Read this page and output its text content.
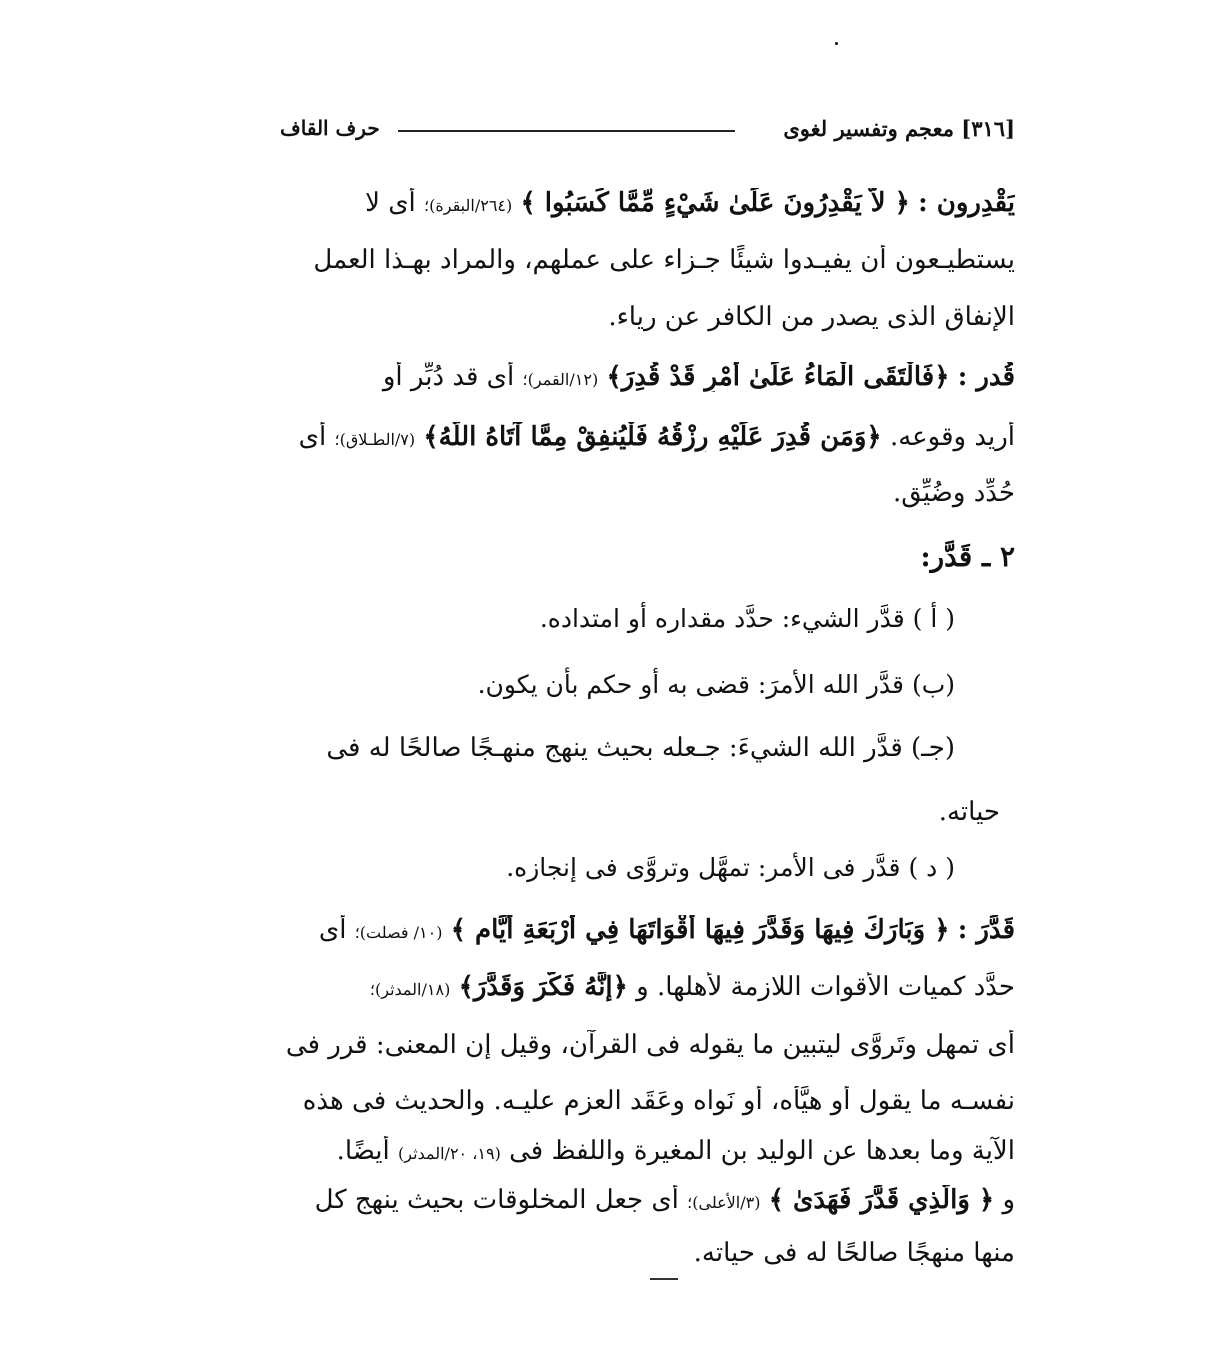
[٣١٦] معجم وتفسير لغوى
حرف القاف
يَقْدِرون : ﴿ لاَّ يَقْدِرُونَ عَلَىٰ شَيْءٍ مِّمَّا كَسَبُوا ﴾ (٢٦٤/البقرة)؛ أى لا
يستطيـعون أن يفيـدوا شيئًا جـزاء على عملهم، والمراد بهـذا العمل
الإنفاق الذى يصدر من الكافر عن رياء.
قُدر : ﴿فَالْتَقَى الْمَاءُ عَلَىٰ أَمْرٍ قَدْ قُدِرَ﴾ (١٢/القمر)؛ أى قد دُبِّر أو
أُريد وقوعه. ﴿وَمَن قُدِرَ عَلَيْهِ رِزْقُهُ فَلْيُنفِقْ مِمَّا آتَاهُ اللَّهُ﴾ (٧/الطـلاق)؛ أى
حُدِّد وضُيِّق.
٢ ـ قَدَّر:
( أ ) قدَّر الشيء: حدَّد مقداره أو امتداده.
(ب) قدَّر الله الأمرَ: قضى به أو حكم بأن يكون.
(جـ) قدَّر الله الشيءَ: جـعله بحيث ينهج منهـجًا صالحًا له فى
حياته.
( د ) قدَّر فى الأمر: تمهَّل وتروَّى فى إنجازه.
قَدَّرَ : ﴿ وَبَارَكَ فِيهَا وَقَدَّرَ فِيهَا أَقْوَاتَهَا فِي أَرْبَعَةِ أَيَّامٍ ﴾ (١٠/ فصلت)؛ أى
حدَّد كميات الأقوات اللازمة لأهلها. و ﴿إِنَّهُ فَكَّرَ وَقَدَّرَ﴾ (١٨/المدثر)؛
أى تمهل وتَروَّى ليتبين ما يقوله فى القرآن، وقيل إن المعنى: قرر فى
نفسـه ما يقول أو هيَّأه، أو نَواه وعَقَد العزم عليـه. والحديث فى هذه
الآية وما بعدها عن الوليد بن المغيرة واللفظ فى (١٩، ٢٠/المدثر) أيضًا.
و ﴿ وَالَّذِي قَدَّرَ فَهَدَىٰ ﴾ (٣/الأعلى)؛ أى جعل المخلوقات بحيث ينهج كل
منها منهجًا صالحًا له فى حياته.
